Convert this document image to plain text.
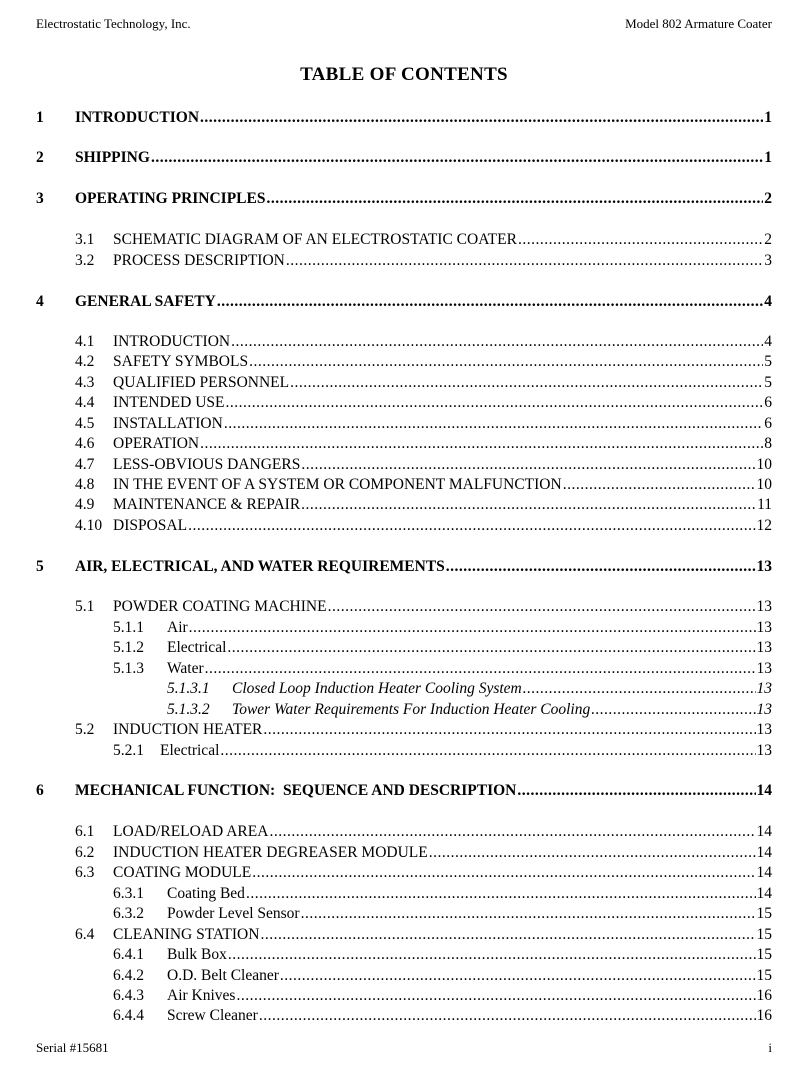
Electrostatic Technology, Inc.	Model 802 Armature Coater
TABLE OF CONTENTS
1 INTRODUCTION .....	1
2 SHIPPING .....	1
3 OPERATING PRINCIPLES .....	2
3.1 SCHEMATIC DIAGRAM OF AN ELECTROSTATIC COATER .....	2
3.2 PROCESS DESCRIPTION .....	3
4 GENERAL SAFETY .....	4
4.1 INTRODUCTION .....	4
4.2 SAFETY SYMBOLS .....	5
4.3 QUALIFIED PERSONNEL .....	5
4.4 INTENDED USE .....	6
4.5 INSTALLATION .....	6
4.6 OPERATION .....	8
4.7 LESS-OBVIOUS DANGERS .....	10
4.8 IN THE EVENT OF A SYSTEM OR COMPONENT MALFUNCTION .....	10
4.9 MAINTENANCE & REPAIR .....	11
4.10 DISPOSAL .....	12
5 AIR, ELECTRICAL, AND WATER REQUIREMENTS .....	13
5.1 POWDER COATING MACHINE .....	13
5.1.1 Air .....	13
5.1.2 Electrical .....	13
5.1.3 Water .....	13
5.1.3.1 Closed Loop Induction Heater Cooling System .....	13
5.1.3.2 Tower Water Requirements For Induction Heater Cooling .....	13
5.2 INDUCTION HEATER .....	13
5.2.1 Electrical .....	13
6 MECHANICAL FUNCTION:  SEQUENCE AND DESCRIPTION .....	14
6.1 LOAD/RELOAD AREA .....	14
6.2 INDUCTION HEATER DEGREASER MODULE .....	14
6.3 COATING MODULE .....	14
6.3.1 Coating Bed .....	14
6.3.2 Powder Level Sensor .....	15
6.4 CLEANING STATION .....	15
6.4.1 Bulk Box .....	15
6.4.2 O.D. Belt Cleaner .....	15
6.4.3 Air Knives .....	16
6.4.4 Screw Cleaner .....	16
Serial #15681	i
